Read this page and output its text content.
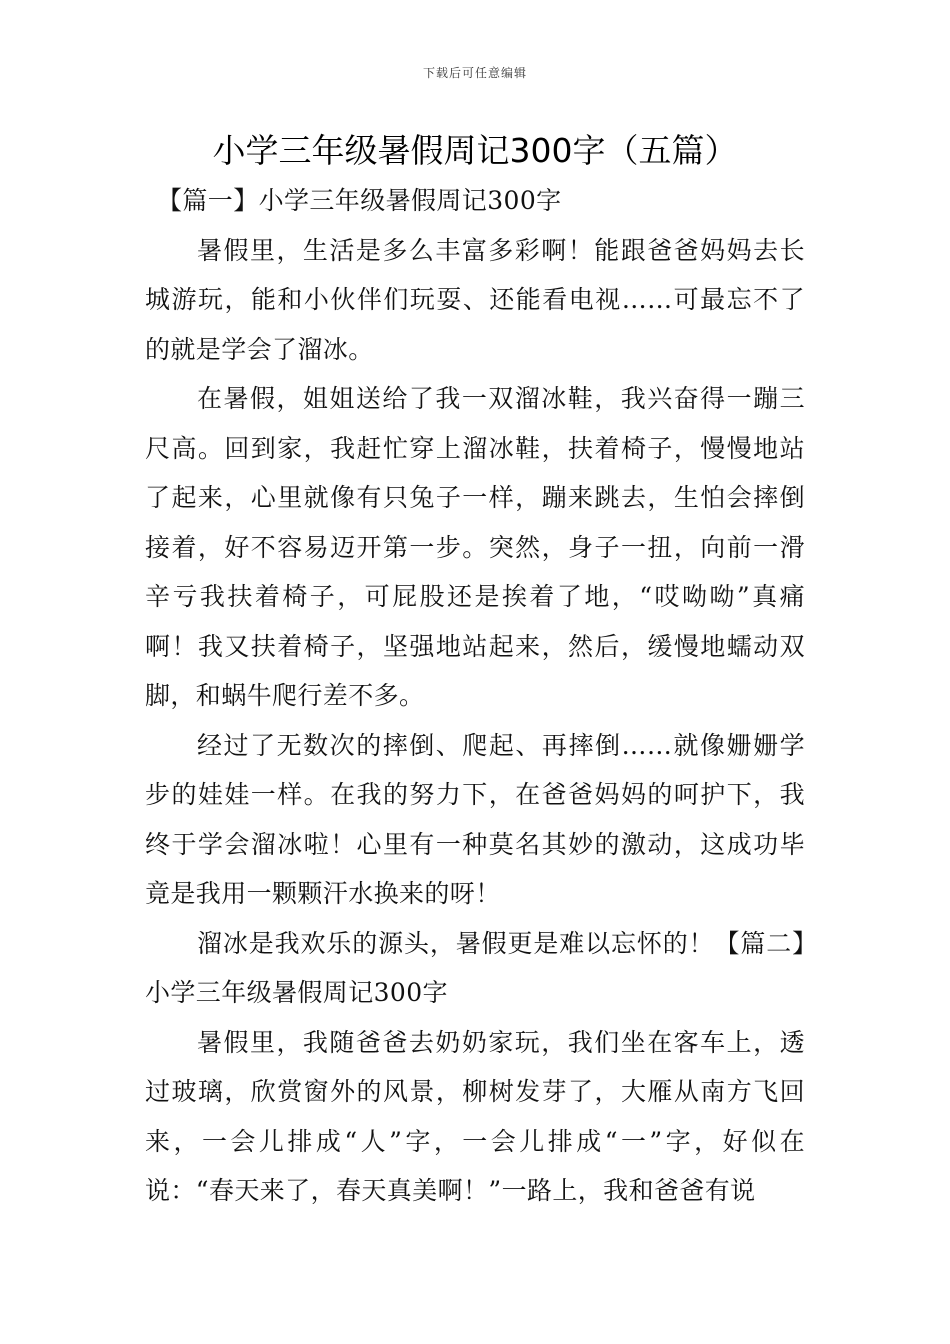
下载后可任意编辑
小学三年级暑假周记300字（五篇）

【篇一】小学三年级暑假周记300字

暑假里，生活是多么丰富多彩啊！能跟爸爸妈妈去长城游玩，能和小伙伴们玩耍、还能看电视……可最忘不了的就是学会了溜冰。

在暑假，姐姐送给了我一双溜冰鞋，我兴奋得一蹦三尺高。回到家，我赶忙穿上溜冰鞋，扶着椅子，慢慢地站了起来，心里就像有只兔子一样，蹦来跳去，生怕会摔倒接着，好不容易迈开第一步。突然，身子一扭，向前一滑辛亏我扶着椅子，可屁股还是挨着了地，“哎呦呦”真痛啊！我又扶着椅子，坚强地站起来，然后，缓慢地蠕动双脚，和蜗牛爬行差不多。

经过了无数次的摔倒、爬起、再摔倒……就像姗姗学步的娃娃一样。在我的努力下，在爸爸妈妈的呵护下，我终于学会溜冰啦！心里有一种莫名其妙的激动，这成功毕竟是我用一颗颗汗水换来的呀！

溜冰是我欢乐的源头，暑假更是难以忘怀的！【篇二】小学三年级暑假周记300字

暑假里，我随爸爸去奶奶家玩，我们坐在客车上，透过玻璃，欣赏窗外的风景，柳树发芽了，大雁从南方飞回来，一会儿排成“人”字，一会儿排成“一”字，好似在说：“春天来了，春天真美啊！”一路上，我和爸爸有说
